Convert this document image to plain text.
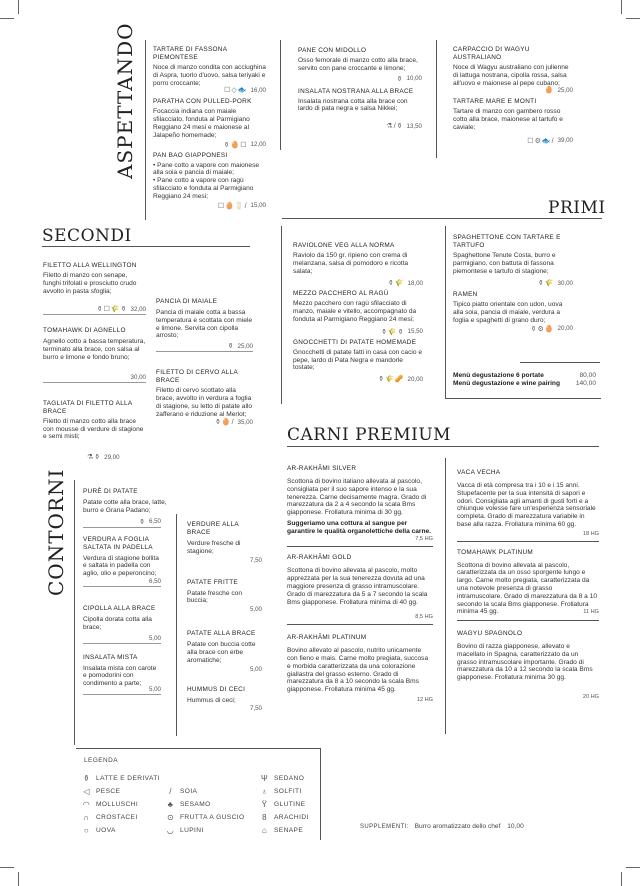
ASPETTANDO	TARTARE DI FASSONA PIEMONTESE
Noce di manzo condita con acciughina di Aspra, tuorlo d'uovo, salsa teriyaki e porro croccante;
☐◇🐟 16,00
PARATHA CON PULLED-PORK
Focaccia indiana con maiale sfilacciato, fonduta al Parmigiano Reggiano 24 mesi e maionese al Jalapeño homemade;
⚱🥚☐ 12,00
PAN BAO GIAPPONESI
• Pane cotto a vapore con maionese alla soia e pancia di maiale;
• Pane cotto a vapore con ragù sfilacciato e fonduta al Parmigiano Reggiano 24 mesi;
☐🥚🥛/ 15,00
PANE CON MIDOLLO
Osso femorale di manzo cotto alla brace, servito con pane croccante e limone;
⚱ 10,00
INSALATA NOSTRANA ALLA BRACE
Insalata nostrana cotta alla brace con lardo di pata negra e salsa Nikkei;
⚗/⚱ 13,50
CARPACCIO DI WAGYU AUSTRALIANO
Noce di Wagyu australiano con julienne di lattuga nostrana, cipolla rossa, salsa all'uovo e maionese al pepe cubano;
🥚 25,00
TARTARE MARE E MONTI
Tartare di manzo con gambero rosso cotto alla brace, maionese al tartufo e caviale;
☐⚙🐟/ 39,00
PRIMI
SECONDI
FILETTO ALLA WELLINGTON
Filetto di manzo con senape, funghi trifolati e prosciutto crudo avvolto in pasta sfoglia;
⚱☐🌾⚱ 32,00
TOMAHAWK DI AGNELLO
Agnello cotto a bassa temperatura, terminato alla brace, con salsa al burro e limone e fondo bruno;
30,00
TAGLIATA DI FILETTO ALLA BRACE
Filetto di manzo cotto alla brace con mousse di verdure di stagione e semi misti;
⚗⚱ 29,00
PANCIA DI MAIALE
Pancia di maiale cotta a bassa temperatura e scottata con miele e limone. Servita con cipolla arrosto;
⚱ 25,00
FILETTO DI CERVO ALLA BRACE
Filetto di cervo scottato alla brace, avvolto in verdura a foglia di stagione, su letto di patate allo zafferano e riduzione al Merlot;
⚱🥚/ 35,00
RAVIOLONE VEG ALLA NORMA
Raviolo da 150 gr. ripieno con crema di melanzana, salsa di pomodoro e ricotta salata;
⚱🌾 18,00
MEZZO PACCHERO AL RAGÙ
Mezzo pacchero con ragù sfilacciato di manzo, maiale e vitello, accompagnato da fonduta al Parmigiano Reggiano 24 mesi;
⚱🌾⚱ 15,50
GNOCCHETTI DI PATATE HOMEMADE
Gnocchetti di patate fatti in casa con cacio e pepe, lardo di Pata Negra e mandorle tostate;
⚱🌾🥜 20,00
SPAGHETTONE CON TARTARE E TARTUFO
Spaghettone Tenute Costa, burro e parmigiano, con battuta di fassona piemontese e tartufo di stagione;
⚱🌾 30,00
RAMEN
Tipico piatto orientale con udon, uova alla soia, pancia di maiale, verdura a foglia e spaghetti di grano duro;
⚱⚙🥚 20,00
Menù degustazione 6 portate	80,00
Menù degustazione e wine pairing 140,00
CARNI PREMIUM
AR-RAKHĀMI SILVER
Scottona di bovino italiano allevata al pascolo, consigliata per il suo sapore intenso e la sua tenerezza. Carne decisamente magra. Grado di marezzatura da 2 a 4 secondo la scala Bms giapponese. Frollatura minima di 30 gg.
Suggeriamo una cottura al sangue per garantire le qualità organolettiche della carne.
7,5 HG
AR-RAKHĀMI GOLD
Scottona di bovino allevata al pascolo, molto apprezzata per la sua tenerezza dovuta ad una maggiore presenza di grasso intramuscolare. Grado di marezzatura da 5 a 7 secondo la scala Bms giapponese. Frollatura minima di 40 gg.
8,5 HG
AR-RAKHĀMI PLATINUM
Bovino allevato al pascolo, nutrito unicamente con fieno e mais. Carne molto pregiata, succosa e morbida caratterizzata da una colorazione giallastra del grasso esterno. Grado di marezzatura da 8 a 10 secondo la scala Bms giapponese. Frollatura minima 45 gg.
12 HG
VACA VECHA
Vacca di età compresa tra i 10 e i 15 anni. Stupefacente per la sua intensità di sapori e odori. Consigliata agli amanti di gusti forti e a chiunque volesse fare un'esperienza sensoriale completa. Grado di marezzatura variabile in base alla razza. Frollatura minima 60 gg.
18 HG
TOMAHAWK PLATINUM
Scottona di bovino allevata al pascolo, caratterizzata da un osso sporgente lungo e largo. Carne molto pregiata, caratterizzata da una notevole presenza di grasso intramuscolare. Grado di marezzatura da 8 a 10 secondo la scala Bms giapponese. Frollatura minima 45 gg.	11 HG
WAGYU SPAGNOLO
Bovino di razza giapponese, allevato e macellato in Spagna, caratterizzato da un grasso intramuscolare importante. Grado di marezzatura da 10 a 12 secondo la scala Bms giapponese. Frollatura minima 30 gg.
20 HG
CONTORNI PURÈ DI PATATE
Patate cotte alla brace, latte, burro e Grana Padano;
⚱ 6,50
VERDURA A FOGLIA SALTATA IN PADELLA
Verdura di stagione bollita e saltata in padella con aglio, olio e peperoncino;
6,50
CIPOLLA ALLA BRACE
Cipolla dorata cotta alla brace;
5,00
INSALATA MISTA
Insalata mista con carote e pomodorini con condimento a parte;
5,00
VERDURE ALLA BRACE
Verdure fresche di stagione;
7,50
PATATE FRITTE
Patate fresche con buccia;
5,00
PATATE ALLA BRACE
Patate con buccia cotte alla brace con erbe aromatiche;
5,00
HUMMUS DI CECI
Hummus di ceci;
7,50
LEGENDA
⚱ LATTE E DERIVATI
◁ PESCE
◠ MOLLUSCHI
∩ CROSTACEI
○ UOVA
/	SOIA
♣ SESAMO
⊙ FRUTTA A GUSCIO
◡ LUPINI
Ψ SEDANO
♁ SOLFITI
Ϋ GLUTINE
8	ARACHIDI
⌂ SENAPE	SUPPLEMENTI: Burro aromatizzato dello chef 10,00
